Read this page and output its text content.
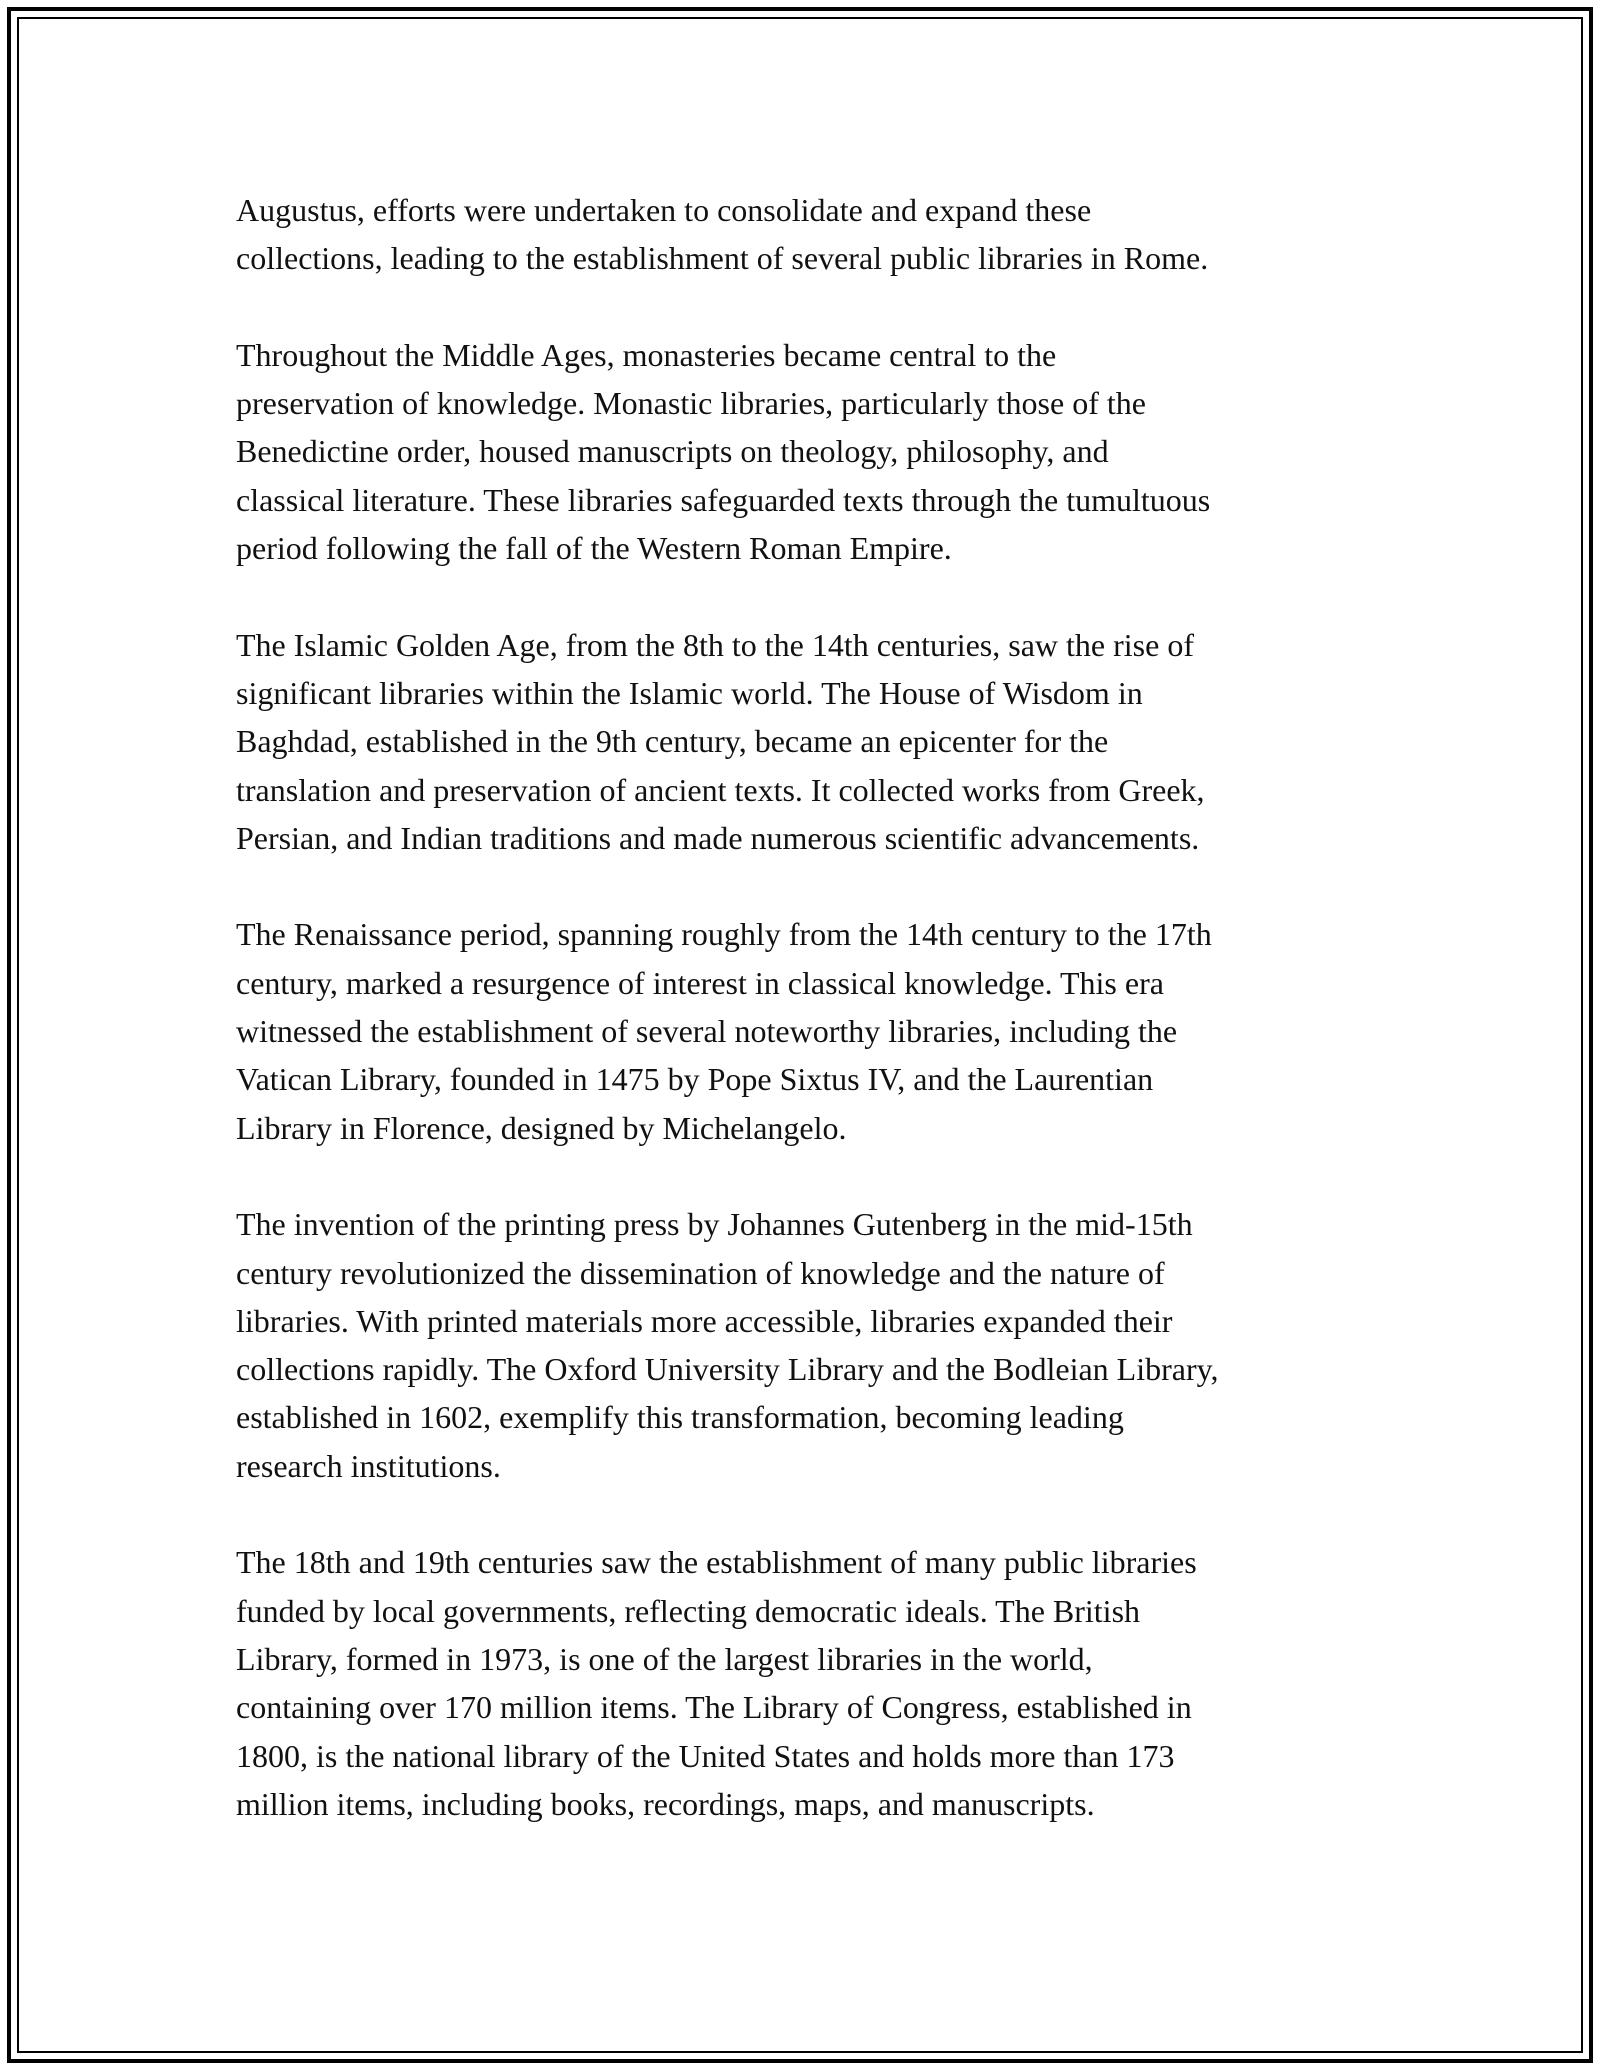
Augustus, efforts were undertaken to consolidate and expand these
collections, leading to the establishment of several public libraries in Rome.

Throughout the Middle Ages, monasteries became central to the
preservation of knowledge. Monastic libraries, particularly those of the
Benedictine order, housed manuscripts on theology, philosophy, and
classical literature. These libraries safeguarded texts through the tumultuous
period following the fall of the Western Roman Empire.

The Islamic Golden Age, from the 8th to the 14th centuries, saw the rise of
significant libraries within the Islamic world. The House of Wisdom in
Baghdad, established in the 9th century, became an epicenter for the
translation and preservation of ancient texts. It collected works from Greek,
Persian, and Indian traditions and made numerous scientific advancements.

The Renaissance period, spanning roughly from the 14th century to the 17th
century, marked a resurgence of interest in classical knowledge. This era
witnessed the establishment of several noteworthy libraries, including the
Vatican Library, founded in 1475 by Pope Sixtus IV, and the Laurentian
Library in Florence, designed by Michelangelo.

The invention of the printing press by Johannes Gutenberg in the mid-15th
century revolutionized the dissemination of knowledge and the nature of
libraries. With printed materials more accessible, libraries expanded their
collections rapidly. The Oxford University Library and the Bodleian Library,
established in 1602, exemplify this transformation, becoming leading
research institutions.

The 18th and 19th centuries saw the establishment of many public libraries
funded by local governments, reflecting democratic ideals. The British
Library, formed in 1973, is one of the largest libraries in the world,
containing over 170 million items. The Library of Congress, established in
1800, is the national library of the United States and holds more than 173
million items, including books, recordings, maps, and manuscripts.
